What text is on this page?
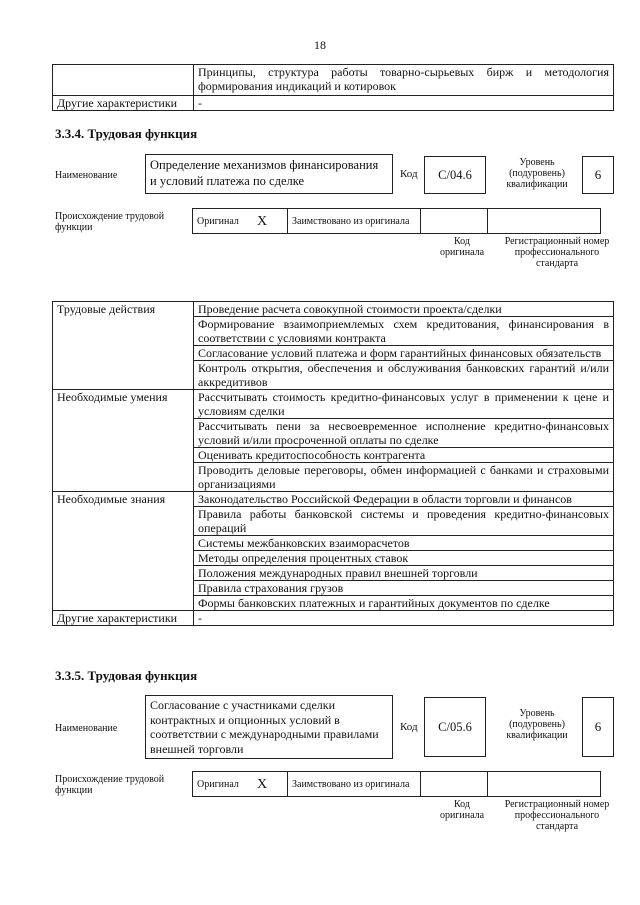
18
	Принципы, структура работы товарно-сырьевых бирж и методология формирования индикаций и котировок
Другие характеристики	-
3.3.4. Трудовая функция
Наименование
Определение механизмов финансирования и условий платежа по сделке	Код	C/04.6
Уровень (подуровень) квалификации
6
Происхождение трудовой функции
Оригинал	X	Заимствовано из оригинала		
Код оригинала
Регистрационный номер профессионального стандарта
Трудовые действия	Проведение расчета совокупной стоимости проекта/сделки
	Формирование взаимоприемлемых схем кредитования, финансирования в соответствии с условиями контракта
	Согласование условий платежа и форм гарантийных финансовых обязательств
	Контроль открытия, обеспечения и обслуживания банковских гарантий и/или аккредитивов
Необходимые умения	Рассчитывать стоимость кредитно-финансовых услуг в применении к цене и условиям сделки
	Рассчитывать пени за несвоевременное исполнение кредитно-финансовых условий и/или просроченной оплаты по сделке
	Оценивать кредитоспособность контрагента
	Проводить деловые переговоры, обмен информацией с банками и страховыми организациями
Необходимые знания	Законодательство Российской Федерации в области торговли и финансов
	Правила работы банковской системы и проведения кредитно-финансовых операций
	Системы межбанковских взаиморасчетов
	Методы определения процентных ставок
	Положения международных правил внешней торговли
	Правила страхования грузов
	Формы банковских платежных и гарантийных документов по сделке
Другие характеристики	-
3.3.5. Трудовая функция
Наименование
Согласование с участниками сделки контрактных и опционных условий в соответствии с международными правилами внешней торговли
Код	C/05.6
Уровень (подуровень) квалификации
6
Происхождение трудовой функции
Оригинал	X	Заимствовано из оригинала		
Код оригинала
Регистрационный номер профессионального стандарта
